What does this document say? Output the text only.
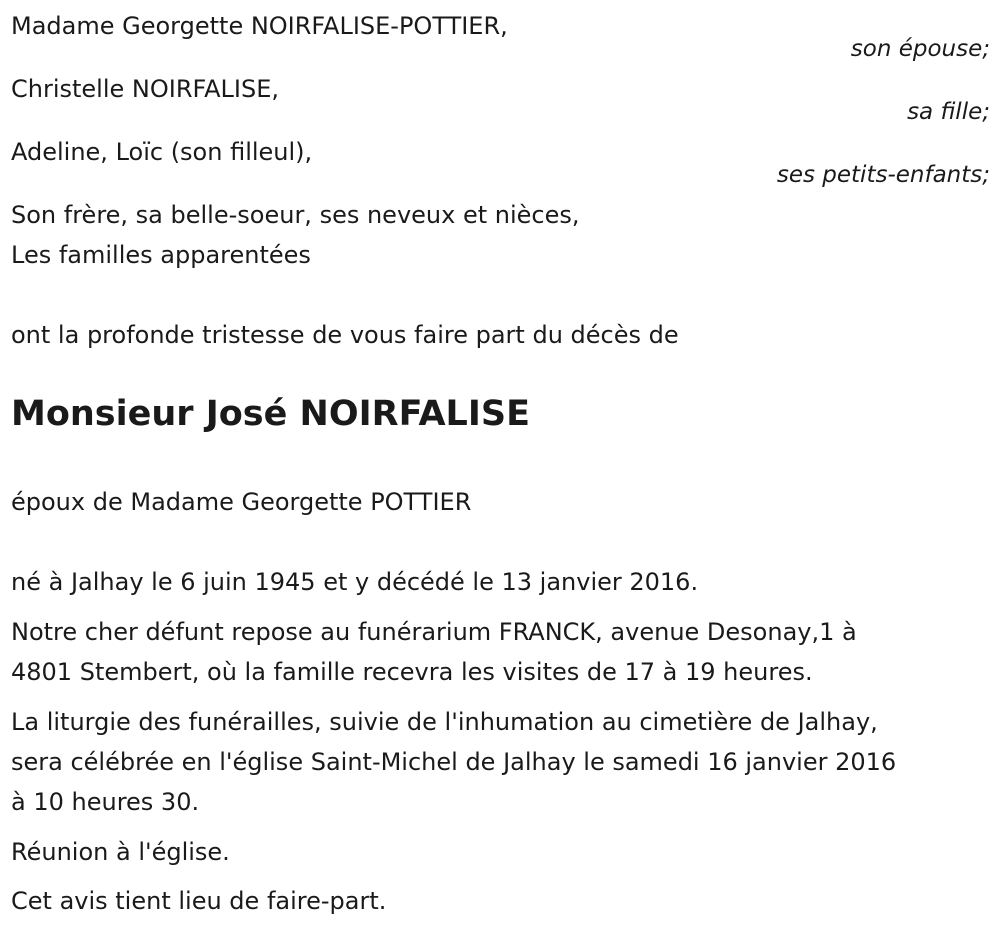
Madame Georgette NOIRFALISE-POTTIER,
son épouse;
Christelle NOIRFALISE,
sa fille;
Adeline, Loïc (son filleul),
ses petits-enfants;
Son frère, sa belle-soeur, ses neveux et nièces,
Les familles apparentées
ont la profonde tristesse de vous faire part du décès de
Monsieur José NOIRFALISE
époux de Madame Georgette POTTIER
né à Jalhay le 6 juin 1945 et y décédé le 13 janvier 2016.
Notre cher défunt repose au funérarium FRANCK, avenue Desonay,1 à
4801 Stembert, où la famille recevra les visites de 17 à 19 heures.
La liturgie des funérailles, suivie de l'inhumation au cimetière de Jalhay,
sera célébrée en l'église Saint-Michel de Jalhay le samedi 16 janvier 2016
à 10 heures 30.
Réunion à l'église.
Cet avis tient lieu de faire-part.
